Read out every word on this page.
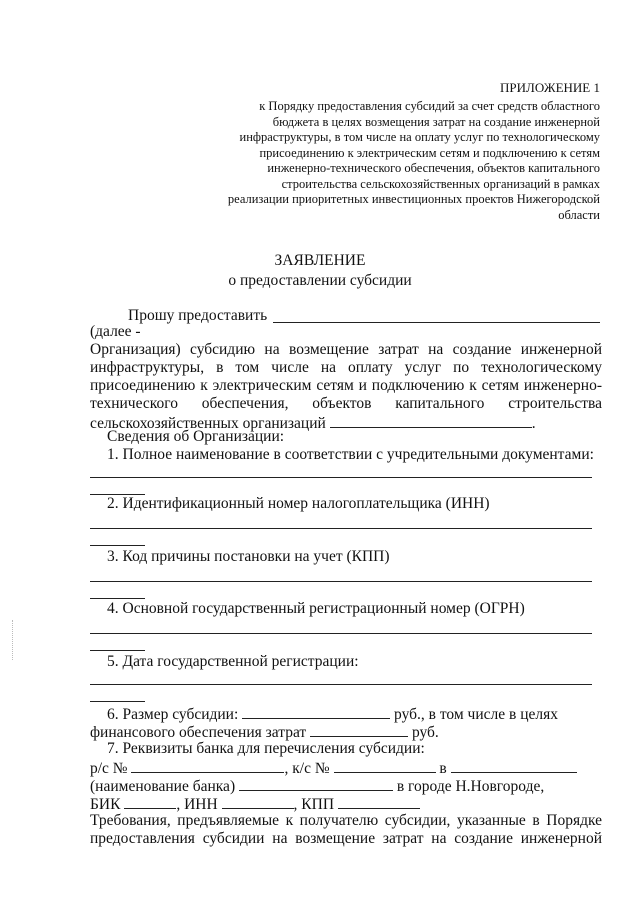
ПРИЛОЖЕНИЕ 1
к Порядку предоставления субсидий за счет средств областного
бюджета в целях возмещения затрат на создание инженерной
инфраструктуры, в том числе на оплату услуг по технологическому
присоединению к электрическим сетям и подключению к сетям
инженерно-технического обеспечения, объектов капитального
строительства сельскохозяйственных организаций в рамках
реализации приоритетных инвестиционных проектов Нижегородской
области
ЗАЯВЛЕНИЕ
о предоставлении субсидии
Прошу предоставить
(далее -
Организация) субсидию на возмещение затрат на создание инженерной
инфраструктуры, в том числе на оплату услуг по технологическому
присоединению к электрическим сетям и подключению к сетям инженерно-
технического обеспечения, объектов капитального строительства
сельскохозяйственных организаций	.
Сведения об Организации:
1. Полное наименование в соответствии с учредительными документами:
2. Идентификационный номер налогоплательщика (ИНН)
3. Код причины постановки на учет (КПП)
4. Основной государственный регистрационный номер (ОГРН)
5. Дата государственной регистрации:
6. Размер субсидии:	руб., в том числе в целях
финансового обеспечения затрат	руб.
7. Реквизиты банка для перечисления субсидии:
р/с №	, к/с №	в
(наименование банка)	в городе Н.Новгороде,
БИК	, ИНН	, КПП
Требования, предъявляемые к получателю субсидии, указанные в Порядке
предоставления субсидии на возмещение затрат на создание инженерной
